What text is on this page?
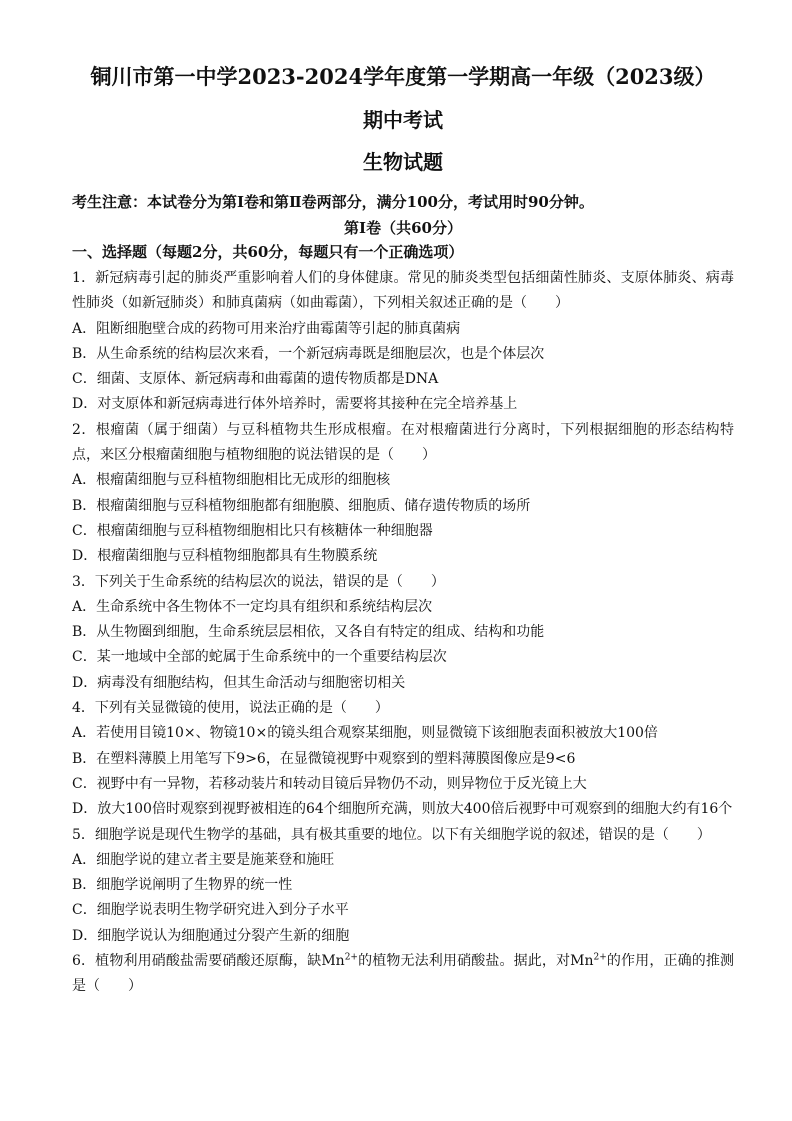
铜川市第一中学2023-2024学年度第一学期高一年级（2023级）
期中考试
生物试题
考生注意：本试卷分为第Ⅰ卷和第Ⅱ卷两部分，满分100分，考试用时90分钟。
第Ⅰ卷（共60分）
一、选择题（每题2分，共60分，每题只有一个正确选项）
1．新冠病毒引起的肺炎严重影响着人们的身体健康。常见的肺炎类型包括细菌性肺炎、支原体肺炎、病毒性肺炎（如新冠肺炎）和肺真菌病（如曲霉菌），下列相关叙述正确的是（　　）
A．阻断细胞壁合成的药物可用来治疗曲霉菌等引起的肺真菌病
B．从生命系统的结构层次来看，一个新冠病毒既是细胞层次，也是个体层次
C．细菌、支原体、新冠病毒和曲霉菌的遗传物质都是DNA
D．对支原体和新冠病毒进行体外培养时，需要将其接种在完全培养基上
2．根瘤菌（属于细菌）与豆科植物共生形成根瘤。在对根瘤菌进行分离时，下列根据细胞的形态结构特点，来区分根瘤菌细胞与植物细胞的说法错误的是（　　）
A．根瘤菌细胞与豆科植物细胞相比无成形的细胞核
B．根瘤菌细胞与豆科植物细胞都有细胞膜、细胞质、储存遗传物质的场所
C．根瘤菌细胞与豆科植物细胞相比只有核糖体一种细胞器
D．根瘤菌细胞与豆科植物细胞都具有生物膜系统
3．下列关于生命系统的结构层次的说法，错误的是（　　）
A．生命系统中各生物体不一定均具有组织和系统结构层次
B．从生物圈到细胞，生命系统层层相依，又各自有特定的组成、结构和功能
C．某一地域中全部的蛇属于生命系统中的一个重要结构层次
D．病毒没有细胞结构，但其生命活动与细胞密切相关
4．下列有关显微镜的使用，说法正确的是（　　）
A．若使用目镜10×、物镜10×的镜头组合观察某细胞，则显微镜下该细胞表面积被放大100倍
B．在塑料薄膜上用笔写下9>6，在显微镜视野中观察到的塑料薄膜图像应是9<6
C．视野中有一异物，若移动装片和转动目镜后异物仍不动，则异物位于反光镜上大
D．放大100倍时观察到视野被相连的64个细胞所充满，则放大400倍后视野中可观察到的细胞大约有16个
5．细胞学说是现代生物学的基础，具有极其重要的地位。以下有关细胞学说的叙述，错误的是（　　）
A．细胞学说的建立者主要是施莱登和施旺
B．细胞学说阐明了生物界的统一性
C．细胞学说表明生物学研究进入到分子水平
D．细胞学说认为细胞通过分裂产生新的细胞
6．植物利用硝酸盐需要硝酸还原酶，缺$Mn^{2+}$的植物无法利用硝酸盐。据此，对$Mn^{2+}$的作用，正确的推测是（　　）
